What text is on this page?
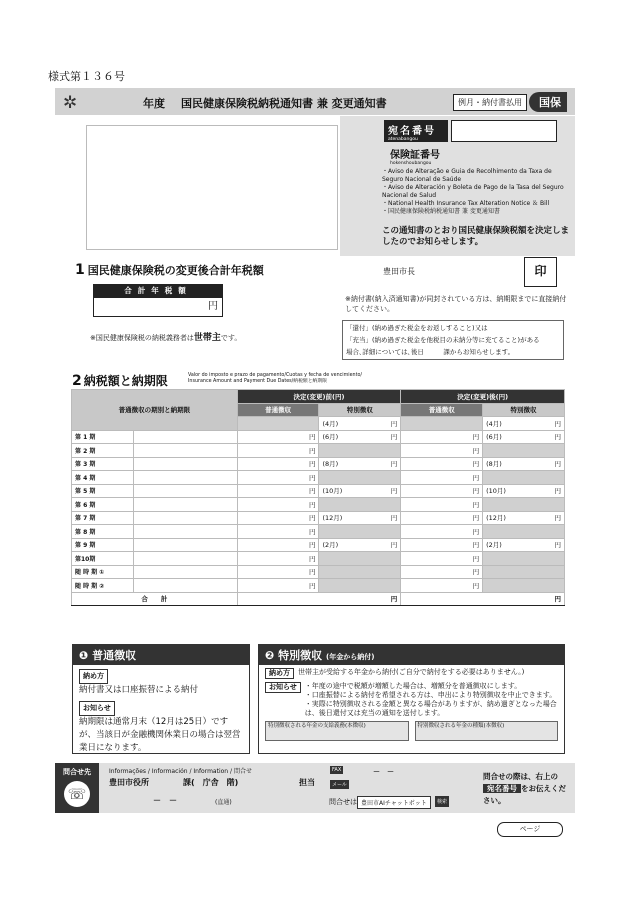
様式第１３６号
✲	年度 国民健康保険税納税通知書 兼 変更通知書	例月・納付書払用	国保
宛名番号
atenabangou
保険証番号
hokenshoubangou
・Aviso de Alteração e Guia de Recolhimento da Taxa de Seguro Nacional de Saúde
・Aviso de Alteración y Boleta de Pago de la Tasa del Seguro Nacional de Salud
・National Health Insurance Tax Alteration Notice ＆ Bill
・国民健康保険税納税通知書 兼 変更通知書
この通知書のとおり国民健康保険税額を決定しましたのでお知らせします。
1 国民健康保険税の変更後合計年税額	豊田市長	印
合計年税額
円
※国民健康保険税の納税義務者は世帯主です。
※納付書(納入済通知書)が同封されている方は、納期限までに直接納付してください。
「還付」(納め過ぎた税金をお返しすること)又は
「充当」(納め過ぎた税金を他税目の未納分等に充てること)がある
場合､詳細については､後日　　　課からお知らせします。
2 納税額と納期限	Valor do imposto e prazo de pagamento/Cuotas y fecha de vencimiento/
Insurance Amount and Payment Due Dates/納税額と納期限
普通徴収の期別と納期限		決定(変更)前(円)		決定(変更)後(円)	
		普通徴収	特別徴収	普通徴収	特別徴収
			(4月) 円		(4月) 円

第 1 期		円	(6月) 円	円	(6月) 円

第 2 期		円		円	
第 3 期		円	(8月) 円	円	(8月) 円

第 4 期		円		円	
第 5 期		円	(10月) 円	円	(10月) 円

第 6 期		円		円	
第 7 期		円	(12月) 円	円	(12月) 円

第 8 期		円		円	
第 9 期		円	(2月) 円	円	(2月) 円

第10期		円		円	
随 時 期 ①		円		円	
随 時 期 ②		円		円	
合　　計		円		円	
❶ 普通徴収
納め方
納付書又は口座振替による納付
お知らせ
納期限は通常月末（12月は25日）ですが、当該日が金融機関休業日の場合は翌営業日になります。
❷ 特別徴収 (年金から納付)
納め方	世帯主が受給する年金から納付(ご自分で納付をする必要はありません。)
お知らせ	・年度の途中で税額が増額した場合は、増額分を普通徴収にします。
・口座振替による納付を希望される方は、申出により特別徴収を中止できます。
・実際に特別徴収される金額と異なる場合がありますが、納め過ぎとなった場合は、後日還付又は充当の通知を送付します。
特別徴収される年金の支給義務(本徴収)	特別徴収される年金の種類(本徴収)
問合せ先
☏
Informações / Información / Information / 問合せ
豊田市役所	課(　庁舎　階)	担当
FAX
メール
－　－
－　－	(直通)	問合せは 豊田市AIチャットボット	検索
問合せの際は、右上の宛名番号 をお伝えください。
ページ
